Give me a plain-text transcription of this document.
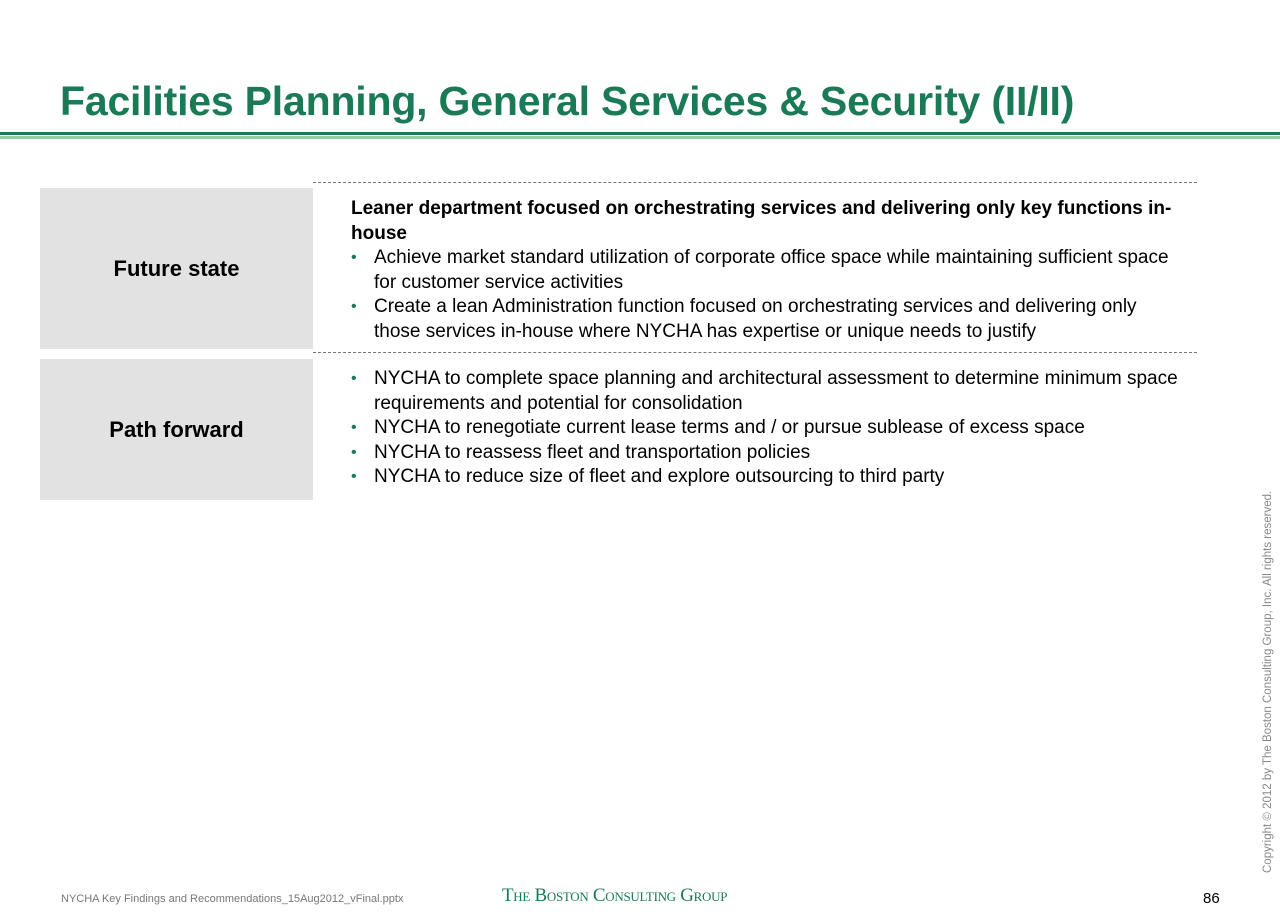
Facilities Planning, General Services & Security (II/II)
Future state
Leaner department focused on orchestrating services and delivering only key functions in-house
• Achieve market standard utilization of corporate office space while maintaining sufficient space for customer service activities
• Create a lean Administration function focused on orchestrating services and delivering only those services in-house where NYCHA has expertise or unique needs to justify
Path forward
• NYCHA to complete space planning and architectural assessment to determine minimum space requirements and potential for consolidation
• NYCHA to renegotiate current lease terms and / or pursue sublease of excess space
• NYCHA to reassess fleet and transportation policies
• NYCHA to reduce size of fleet and explore outsourcing to third party
Copyright © 2012 by The Boston Consulting Group, Inc. All rights reserved.
NYCHA Key Findings and Recommendations_15Aug2012_vFinal.pptx	The Boston Consulting Group	86
